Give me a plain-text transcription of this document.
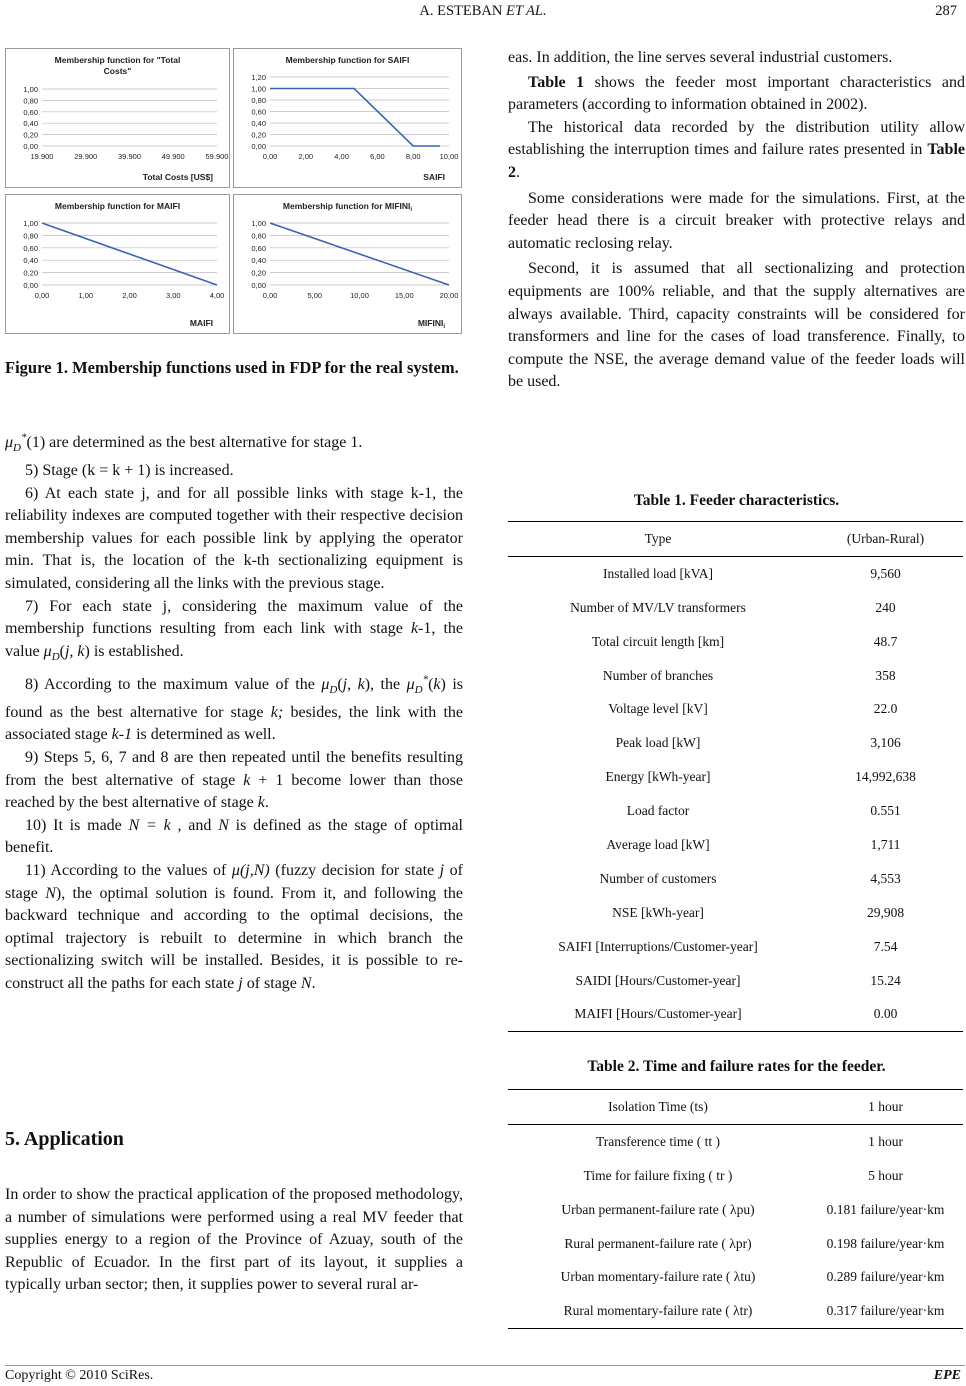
A. ESTEBAN ET AL.	287
Membership function for "Total
Costs"
1,00
0,80
0,60
0,40
0,20
0,00
19.900	29.900	39.900	49.900	59.900
Total Costs [US$]
Membership function for SAIFI
1,20
1,00
0,80
0,60
0,40
0,20
0,00
0,00	2,00	4,00	6,00	8,00	10,00
SAIFI
Membership function for MAIFI
1,00
0,80
0,60
0,40
0,20
0,00
0,00	1,00	2,00	3,00	4,00
MAIFI
Membership function for $MIFINI_i$
1,00
0,80
0,60
0,40
0,20
0,00
0,00	5,00	10,00	15,00	20,00
$MIFINI_i$
Figure 1. Membership functions used in FDP for the real system.

$\mu_D^*(1)$ are determined as the best alternative for stage 1.

5) Stage (k = k + 1) is increased.

6) At each state j, and for all possible links with stage k-1, the reliability indexes are computed together with their respective decision membership values for each possible link by applying the operator min. That is, the location of the k-th sectionalizing equipment is simulated, considering all the links with the previous stage.

7) For each state j, considering the maximum value of the membership functions resulting from each link with stage k-1, the value $\mu_D(j$, k) is established.

8) According to the maximum value of the $\mu_D(j$, k), the $\mu_D^*(k)$ is found as the best alternative for stage k; besides, the link with the associated stage k-1 is determined as well.

9) Steps 5, 6, 7 and 8 are then repeated until the benefits resulting from the best alternative of stage k + 1 become lower than those reached by the best alternative of stage k.

10) It is made N = k , and N is defined as the stage of optimal benefit.

11) According to the values of μ(j,N) (fuzzy decision for state j of stage N), the optimal solution is found. From it, and following the backward technique and according to the optimal decisions, the optimal trajectory is rebuilt to determine in which branch the sectionalizing switch will be installed. Besides, it is possible to re-construct all the paths for each state j of stage N.

5. Application

In order to show the practical application of the proposed methodology, a number of simulations were performed using a real MV feeder that supplies energy to a region of the Province of Azuay, south of the Republic of Ecuador. In the first part of its layout, it supplies a typically urban sector; then, it supplies power to several rural ar-

eas. In addition, the line serves several industrial customers.

Table 1 shows the feeder most important characteristics and parameters (according to information obtained in 2002).

The historical data recorded by the distribution utility allow establishing the interruption times and failure rates presented in Table 2.

Some considerations were made for the simulations. First, at the feeder head there is a circuit breaker with protective relays and automatic reclosing relay.

Second, it is assumed that all sectionalizing and protection equipments are 100% reliable, and that the supply alternatives are always available. Third, capacity constraints will be considered for transformers and line for the cases of load transference. Finally, to compute the NSE, the average demand value of the feeder loads will be used.

Table 1. Feeder characteristics.
Type	(Urban-Rural)
Installed load [kVA]	9,560
Number of MV/LV transformers	240
Total circuit length [km]	48.7
Number of branches	358
Voltage level [kV]	22.0
Peak load [kW]	3,106
Energy [kWh-year]	14,992,638
Load factor	0.551
Average load [kW]	1,711
Number of customers	4,553
NSE [kWh-year]	29,908
SAIFI [Interruptions/Customer-year]	7.54
SAIDI [Hours/Customer-year]	15.24
MAIFI [Hours/Customer-year]	0.00
Table 2. Time and failure rates for the feeder.
Isolation Time (ts)	1 hour
Transference time ( tt )	1 hour
Time for failure fixing ( tr )	5 hour
Urban permanent-failure rate ( λpu)	0.181 failure/year·km
Rural permanent-failure rate ( λpr)	0.198 failure/year·km
Urban momentary-failure rate ( λtu)	0.289 failure/year·km
Rural momentary-failure rate ( λtr)	0.317 failure/year·km
Copyright © 2010 SciRes.	EPE
